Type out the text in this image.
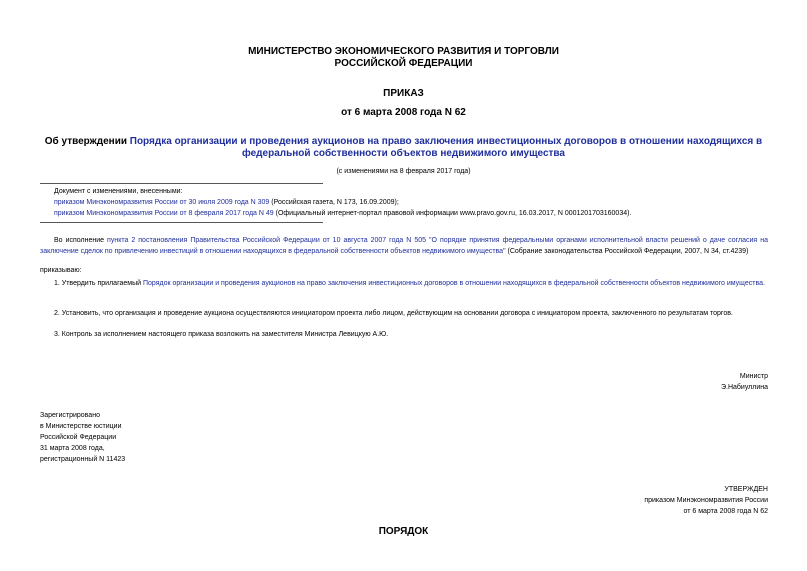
МИНИСТЕРСТВО ЭКОНОМИЧЕСКОГО РАЗВИТИЯ И ТОРГОВЛИ
РОССИЙСКОЙ ФЕДЕРАЦИИ
ПРИКАЗ
от 6 марта 2008 года N 62
Об утверждении Порядка организации и проведения аукционов на право заключения инвестиционных договоров в отношении находящихся в федеральной собственности объектов недвижимого имущества
(с изменениями на 8 февраля 2017 года)
Документ с изменениями, внесенными:
приказом Минэкономразвития России от 30 июля 2009 года N 309 (Российская газета, N 173, 16.09.2009);
приказом Минэкономразвития России от 8 февраля 2017 года N 49 (Официальный интернет-портал правовой информации www.pravo.gov.ru, 16.03.2017, N 0001201703160034).
Во исполнение пункта 2 постановления Правительства Российской Федерации от 10 августа 2007 года N 505 "О порядке принятия федеральными органами исполнительной власти решений о даче согласия на заключение сделок по привлечению инвестиций в отношении находящихся в федеральной собственности объектов недвижимого имущества" (Собрание законодательства Российской Федерации, 2007, N 34, ст.4239)
приказываю:
1. Утвердить прилагаемый Порядок организации и проведения аукционов на право заключения инвестиционных договоров в отношении находящихся в федеральной собственности объектов недвижимого имущества.
2. Установить, что организация и проведение аукциона осуществляются инициатором проекта либо лицом, действующим на основании договора с инициатором проекта, заключенного по результатам торгов.
3. Контроль за исполнением настоящего приказа возложить на заместителя Министра Левицкую А.Ю.
Министр
Э.Набиуллина
Зарегистрировано
в Министерстве юстиции
Российской Федерации
31 марта 2008 года,
регистрационный N 11423
УТВЕРЖДЕН
приказом Минэкономразвития России
от 6 марта 2008 года N 62
ПОРЯДОК
